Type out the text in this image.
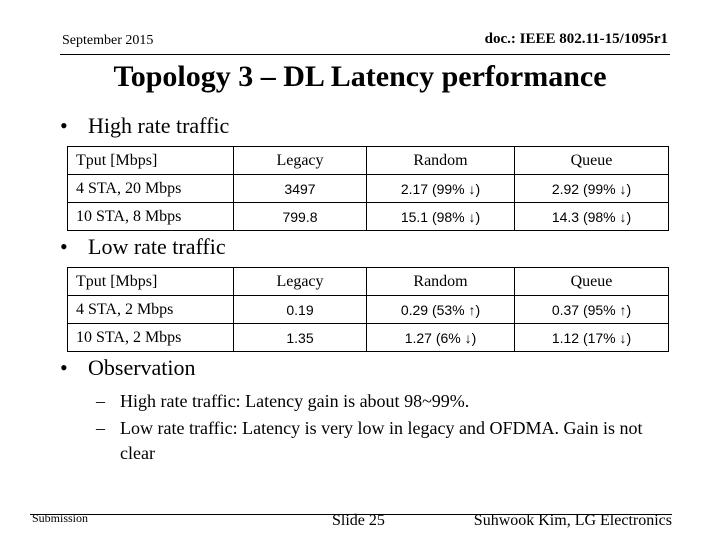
September 2015	doc.: IEEE 802.11-15/1095r1
Topology 3 – DL Latency performance
• High rate traffic
Tput [Mbps]	Legacy	Random	Queue
4 STA, 20 Mbps	3497	2.17 (99% ↓)	2.92 (99% ↓)
10 STA, 8 Mbps	799.8	15.1 (98% ↓)	14.3 (98% ↓)
• Low rate traffic
Tput [Mbps]	Legacy	Random	Queue
4 STA, 2 Mbps	0.19	0.29 (53% ↑)	0.37 (95% ↑)
10 STA, 2 Mbps	1.35	1.27 (6% ↓)	1.12 (17% ↓)
• Observation
– High rate traffic: Latency gain is about 98~99%.
– Low rate traffic: Latency is very low in legacy and OFDMA. Gain is not clear
Submission	Slide 25	Suhwook Kim, LG Electronics
